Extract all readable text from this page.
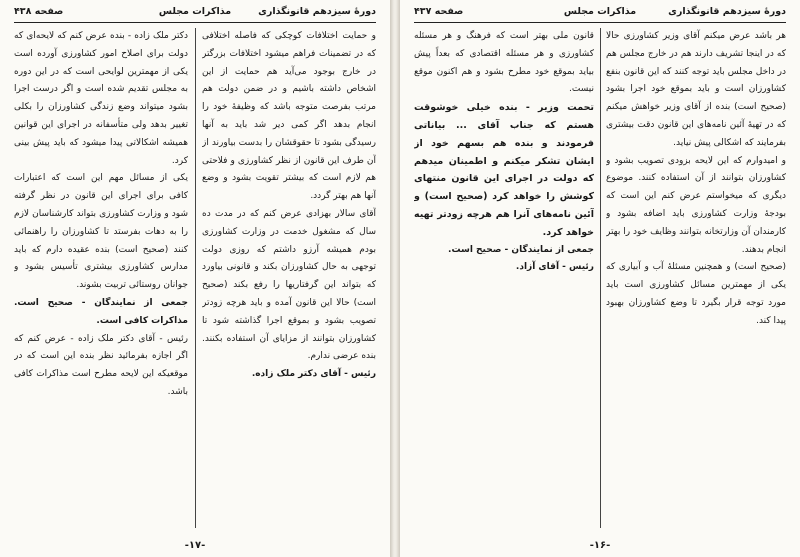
دورهٔ سیزدهم قانونگذاری
مذاکرات مجلس
صفحه ۴۳۸

و حمایت اختلافات کوچکی که فاصله اختلافی که در تضمینات فراهم میشود اختلافات بزرگتر در خارج بوجود می‌آید هم حمایت از این اشخاص داشته باشیم و در ضمن دولت هم مرتب بفرصت متوجه باشد که وظیفهٔ خود را انجام بدهد اگر کمی دیر شد باید به آنها رسیدگی بشود تا حقوقشان را بدست بیاورند از آن طرف این قانون از نظر کشاورزی و فلاحتی هم لازم است که بیشتر تقویت بشود و وضع آنها هم بهتر گردد.

آقای سالار بهزادی عرض کنم که در مدت ده سال که مشغول خدمت در وزارت کشاورزی بودم همیشه آرزو داشتم که روزی دولت توجهی به حال کشاورزان بکند و قانونی بیاورد که بتواند این گرفتاریها را رفع بکند (صحیح است) حالا این قانون آمده و باید هرچه زودتر تصویب بشود و بموقع اجرا گذاشته شود تا کشاورزان بتوانند از مزایای آن استفاده بکنند. بنده عرضی ندارم.

رئیس - آقای دکتر ملک زاده.

دکتر ملک زاده - بنده عرض کنم که لایحه‌ای که دولت برای اصلاح امور کشاورزی آورده است یکی از مهمترین لوایحی است که در این دوره به مجلس تقدیم شده است و اگر درست اجرا بشود میتواند وضع زندگی کشاورزان را بکلی تغییر بدهد ولی متأسفانه در اجرای این قوانین همیشه اشکالاتی پیدا میشود که باید پیش بینی کرد.

یکی از مسائل مهم این است که اعتبارات کافی برای اجرای این قانون در نظر گرفته شود و وزارت کشاورزی بتواند کارشناسان لازم را به دهات بفرستد تا کشاورزان را راهنمائی کنند (صحیح است) بنده عقیده دارم که باید مدارس کشاورزی بیشتری تأسیس بشود و جوانان روستائی تربیت بشوند.

جمعی از نمایندگان - صحیح است. مذاکرات کافی است.

رئیس - آقای دکتر ملک زاده - عرض کنم که اگر اجازه بفرمائید نظر بنده این است که در موقعیکه این لایحه مطرح است مذاکرات کافی باشد.

-۱۷-
دورهٔ سیزدهم قانونگذاری
مذاکرات مجلس
صفحه ۴۳۷

هر باشد عرض میکنم آقای وزیر کشاورزی حالا که در اینجا تشریف دارند هم در خارج مجلس هم در داخل مجلس باید توجه کنند که این قانون بنفع کشاورزان است و باید بموقع خود اجرا بشود (صحیح است) بنده از آقای وزیر خواهش میکنم که در تهیهٔ آئین نامه‌های این قانون دقت بیشتری بفرمایند که اشکالی پیش نیاید.

و امیدوارم که این لایحه بزودی تصویب بشود و کشاورزان بتوانند از آن استفاده کنند. موضوع دیگری که میخواستم عرض کنم این است که بودجهٔ وزارت کشاورزی باید اضافه بشود و کارمندان آن وزارتخانه بتوانند وظایف خود را بهتر انجام بدهند.

(صحیح است) و همچنین مسئلهٔ آب و آبیاری که یکی از مهمترین مسائل کشاورزی است باید مورد توجه قرار بگیرد تا وضع کشاورزان بهبود پیدا کند.

قانون ملی بهتر است که فرهنگ و هر مسئله کشاورزی و هر مسئله اقتصادی که بعداً پیش بیاید بموقع خود مطرح بشود و هم اکنون موقع نیست.

تحمت وزیر - بنده خیلی خوشوقت هستم که جناب آقای ... بیاناتی فرمودند و بنده هم بسهم خود از ایشان تشکر میکنم و اطمینان میدهم که دولت در اجرای این قانون منتهای کوشش را خواهد کرد (صحیح است) و آئین نامه‌های آنرا هم هرچه زودتر تهیه خواهد کرد.

جمعی از نمایندگان - صحیح است.

رئیس - آقای آزاد.

-۱۶-
